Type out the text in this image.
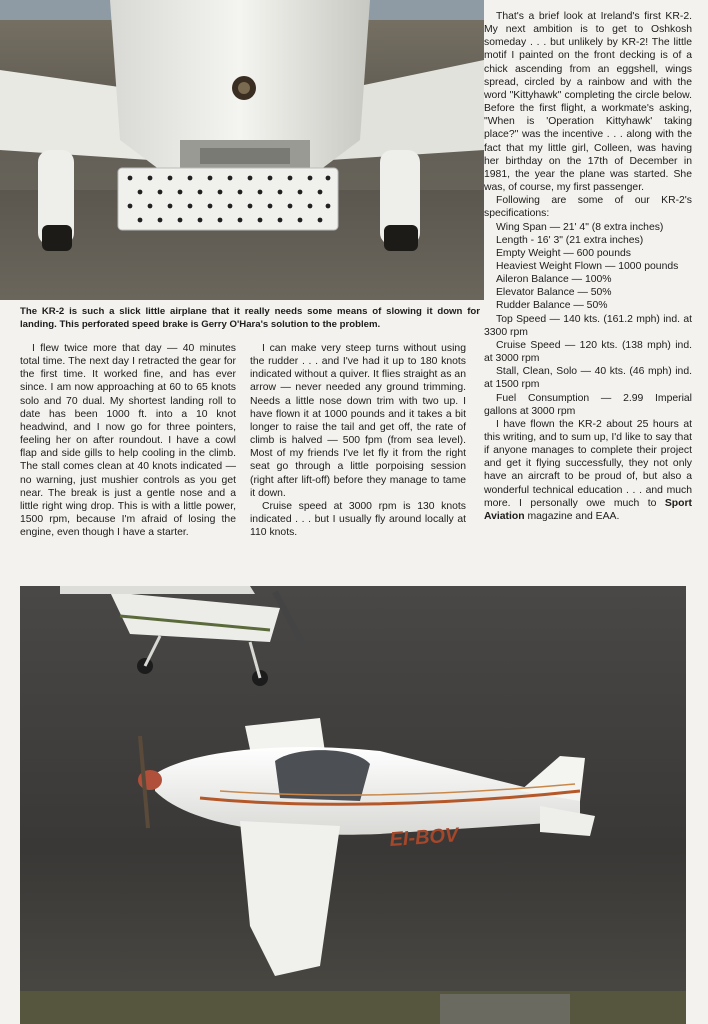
The KR-2 is such a slick little airplane that it really needs some means of slowing it down for landing. This perforated speed brake is Gerry O'Hara's solution to the problem.

I flew twice more that day — 40 minutes total time. The next day I retracted the gear for the first time. It worked fine, and has ever since. I am now approaching at 60 to 65 knots solo and 70 dual. My shortest landing roll to date has been 1000 ft. into a 10 knot headwind, and I now go for three pointers, feeling her on after roundout. I have a cowl flap and side gills to help cooling in the climb. The stall comes clean at 40 knots indicated — no warning, just mushier controls as you get near. The break is just a gentle nose and a little right wing drop. This is with a little power, 1500 rpm, because I'm afraid of losing the engine, even though I have a starter.

I can make very steep turns without using the rudder . . . and I've had it up to 180 knots indicated without a quiver. It flies straight as an arrow — never needed any ground trimming. Needs a little nose down trim with two up. I have flown it at 1000 pounds and it takes a bit longer to raise the tail and get off, the rate of climb is halved — 500 fpm (from sea level). Most of my friends I've let fly it from the right seat go through a little porpoising session (right after lift-off) before they manage to tame it down.

Cruise speed at 3000 rpm is 130 knots indicated . . . but I usually fly around locally at 110 knots.

That's a brief look at Ireland's first KR-2. My next ambition is to get to Oshkosh someday . . . but unlikely by KR-2! The little motif I painted on the front decking is of a chick ascending from an eggshell, wings spread, circled by a rainbow and with the word "Kittyhawk" completing the circle below. Before the first flight, a workmate's asking, "When is 'Operation Kittyhawk' taking place?" was the incentive . . . along with the fact that my little girl, Colleen, was having her birthday on the 17th of December in 1981, the year the plane was started. She was, of course, my first passenger.

Following are some of our KR-2's specifications:

Wing Span — 21' 4" (8 extra inches)
Length - 16' 3" (21 extra inches)
Empty Weight — 600 pounds
Heaviest Weight Flown — 1000 pounds
Aileron Balance — 100%
Elevator Balance — 50%
Rudder Balance — 50%
Top Speed — 140 kts. (161.2 mph) ind. at 3300 rpm
Cruise Speed — 120 kts. (138 mph) ind. at 3000 rpm
Stall, Clean, Solo — 40 kts. (46 mph) ind. at 1500 rpm
Fuel Consumption — 2.99 Imperial gallons at 3000 rpm

I have flown the KR-2 about 25 hours at this writing, and to sum up, I'd like to say that if anyone manages to complete their project and get it flying successfully, they not only have an aircraft to be proud of, but also a wonderful technical education . . . and much more. I personally owe much to Sport Aviation magazine and EAA.

EI-BOV
